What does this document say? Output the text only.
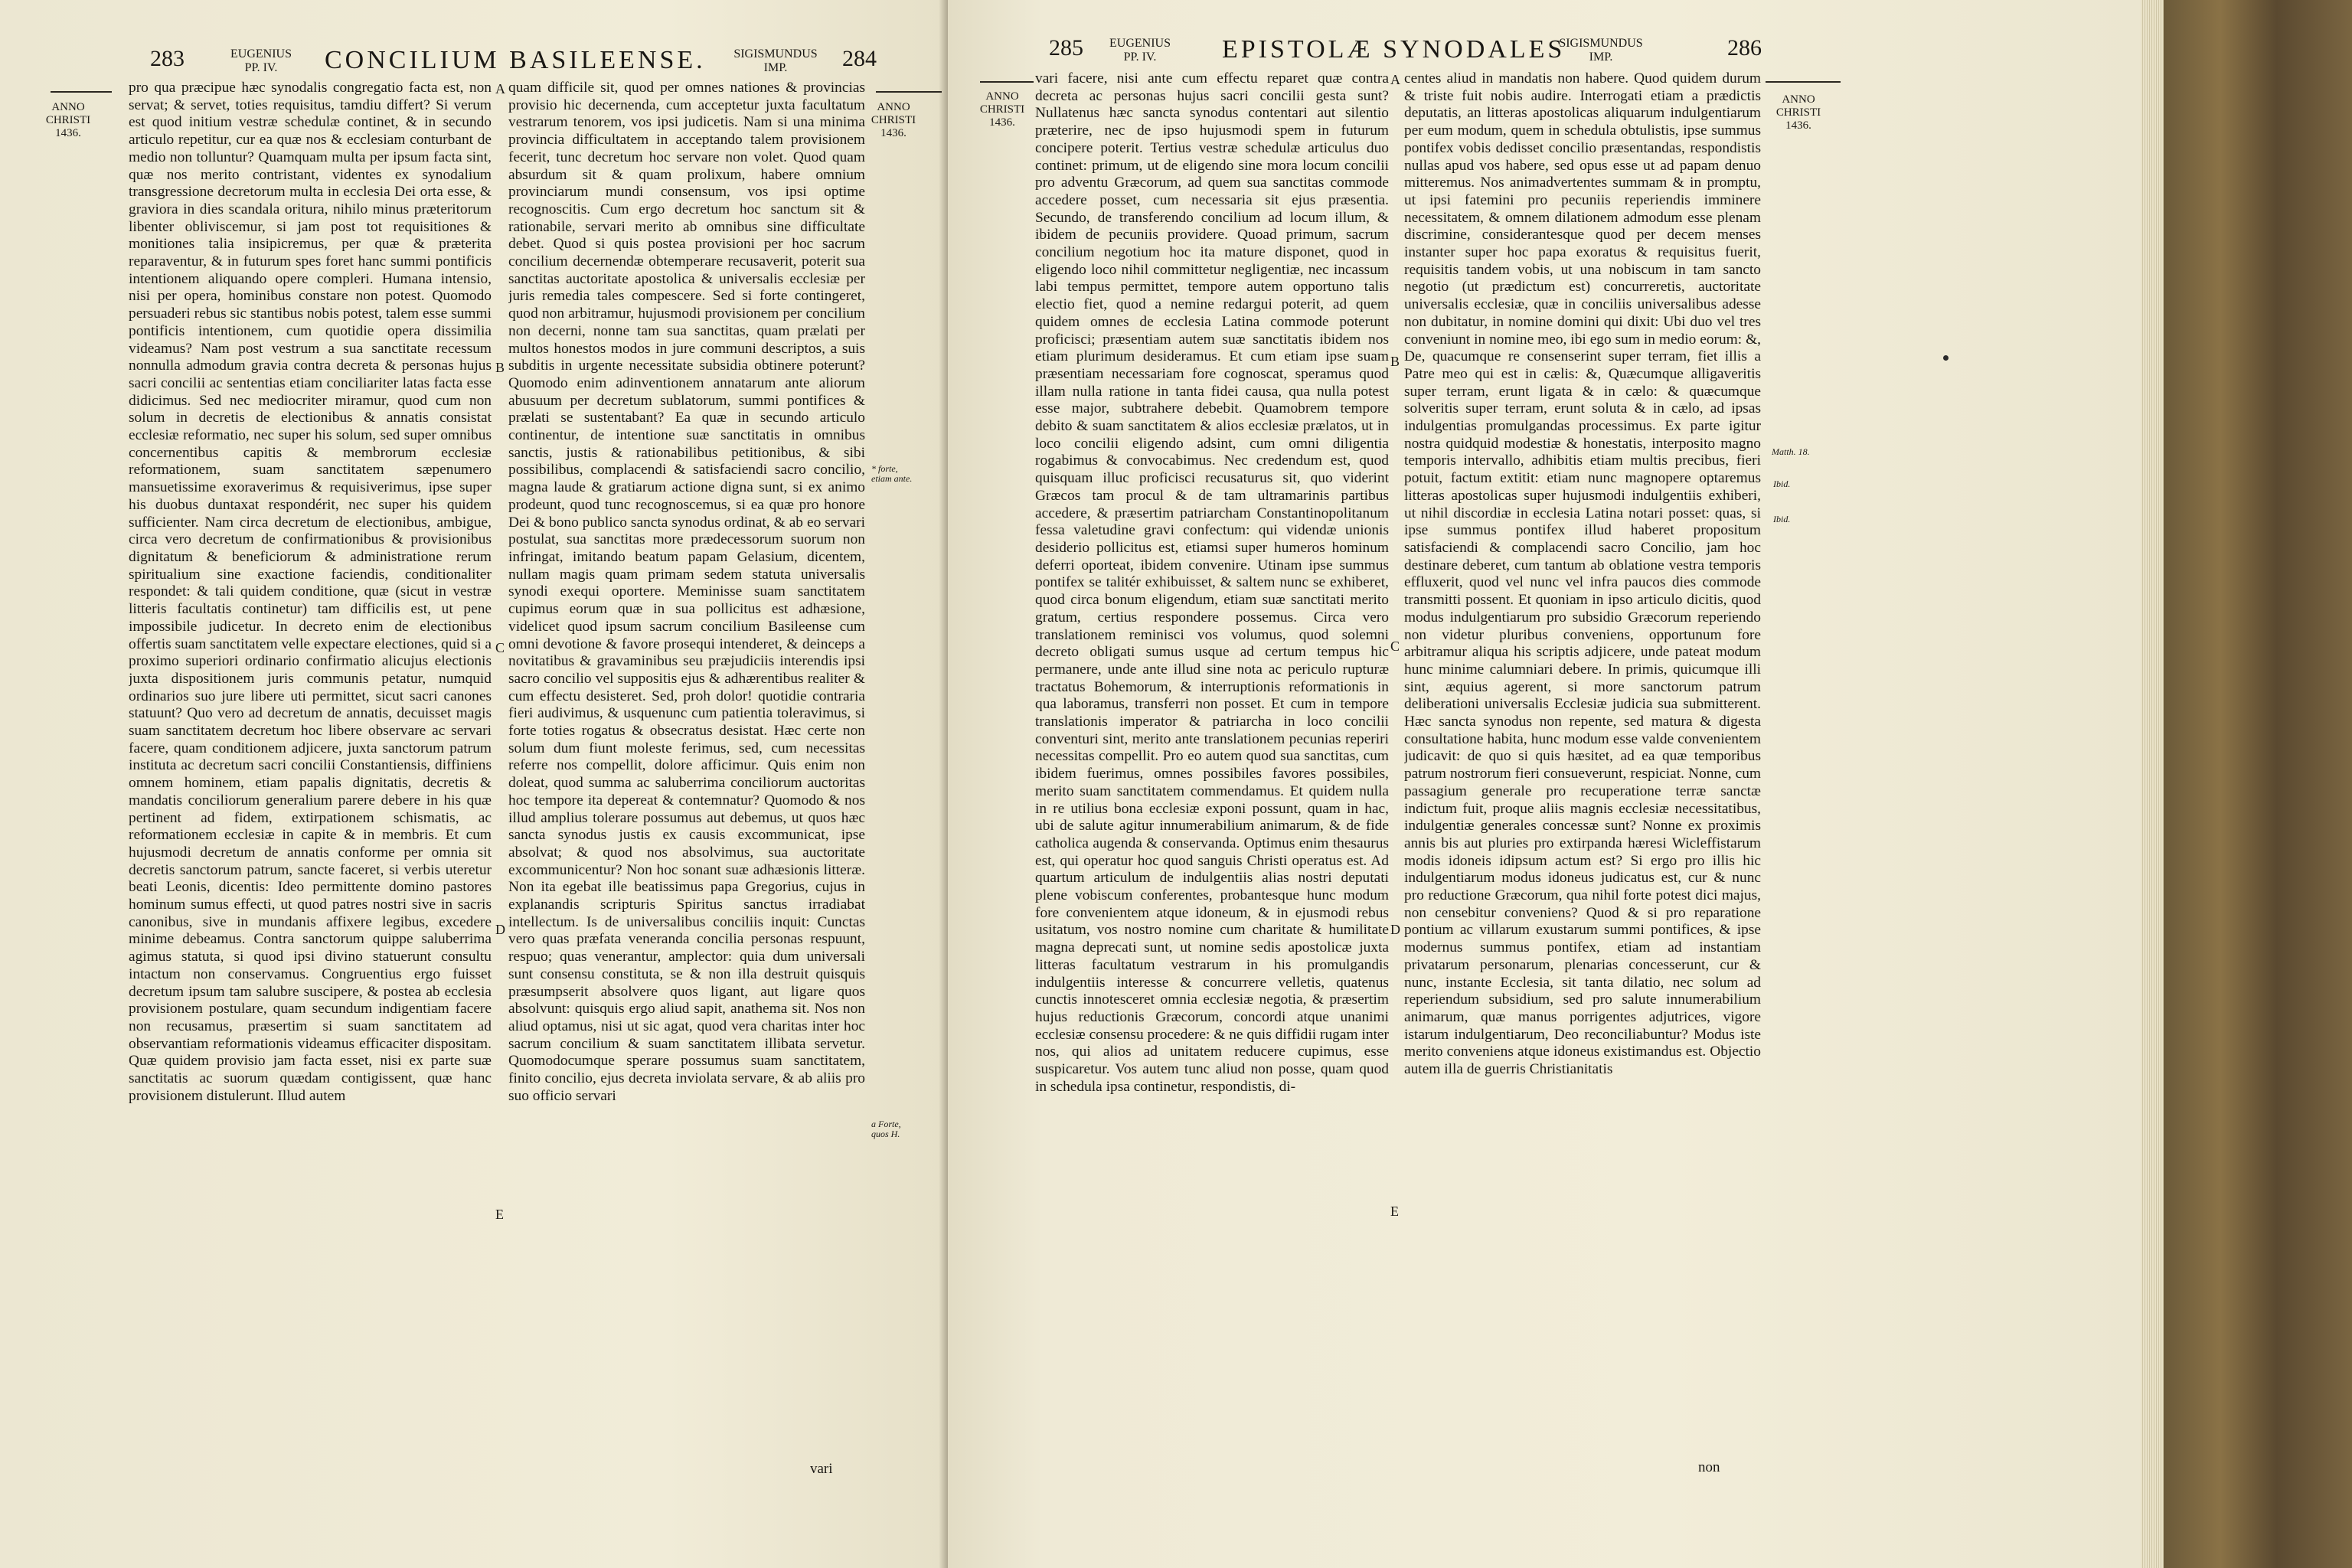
283	EUGENIUS
PP. IV.	CONCILIUM BASILEENSE.	SIGISMUNDUS
IMP.	284
ANNO
CHRISTI
1436.
ANNO
CHRISTI
1436.

pro qua præcipue hæc synodalis congregatio facta est, non servat; & servet, toties requisitus, tamdiu differt? Si verum est quod initium vestræ schedulæ continet, & in secundo articulo repetitur, cur ea quæ nos & ecclesiam conturbant de medio non tolluntur? Quamquam multa per ipsum facta sint, quæ nos merito contristant, videntes ex synodalium transgressione decretorum multa in ecclesia Dei orta esse, & graviora in dies scandala oritura, nihilo minus præteritorum libenter obliviscemur, si jam post tot requisitiones & monitiones talia insipicremus, per quæ & præterita reparaventur, & in futurum spes foret hanc summi pontificis intentionem aliquando opere compleri. Humana intensio, nisi per opera, hominibus constare non potest. Quomodo persuaderi rebus sic stantibus nobis potest, talem esse summi pontificis intentionem, cum quotidie opera dissimilia videamus? Nam post vestrum a sua sanctitate recessum nonnulla admodum gravia contra decreta & personas hujus sacri concilii ac sententias etiam conciliariter latas facta esse didicimus. Sed nec mediocriter miramur, quod cum non solum in decretis de electionibus & annatis consistat ecclesiæ reformatio, nec super his solum, sed super omnibus concernentibus capitis & membrorum ecclesiæ reformationem, suam sanctitatem sæpenumero mansuetissime exoraverimus & requisiverimus, ipse super his duobus duntaxat respondérit, nec super his quidem sufficienter. Nam circa decretum de electionibus, ambigue, circa vero decretum de confirmationibus & provisionibus dignitatum & beneficiorum & administratione rerum spiritualium sine exactione faciendis, conditionaliter respondet: & tali quidem conditione, quæ (sicut in vestræ litteris facultatis continetur) tam difficilis est, ut pene impossibile judicetur. In decreto enim de electionibus offertis suam sanctitatem velle expectare electiones, quid si a proximo superiori ordinario confirmatio alicujus electionis juxta dispositionem juris communis petatur, numquid ordinarios suo jure libere uti permittet, sicut sacri canones statuunt? Quo vero ad decretum de annatis, decuisset magis suam sanctitatem decretum hoc libere observare ac servari facere, quam conditionem adjicere, juxta sanctorum patrum instituta ac decretum sacri concilii Constantiensis, diffiniens omnem hominem, etiam papalis dignitatis, decretis & mandatis conciliorum generalium parere debere in his quæ pertinent ad fidem, extirpationem schismatis, ac reformationem ecclesiæ in capite & in membris. Et cum hujusmodi decretum de annatis conforme per omnia sit decretis sanctorum patrum, sancte faceret, si verbis uteretur beati Leonis, dicentis: Ideo permittente domino pastores hominum sumus effecti, ut quod patres nostri sive in sacris canonibus, sive in mundanis affixere legibus, excedere minime debeamus. Contra sanctorum quippe saluberrima agimus statuta, si quod ipsi divino statuerunt consultu intactum non conservamus. Congruentius ergo fuisset decretum ipsum tam salubre suscipere, & postea ab ecclesia provisionem postulare, quam secundum indigentiam facere non recusamus, præsertim si suam sanctitatem ad observantiam reformationis videamus efficaciter dispositam. Quæ quidem provisio jam facta esset, nisi ex parte suæ sanctitatis ac suorum quædam contigissent, quæ hanc provisionem distulerunt. Illud autem

A
B
C
D
E

quam difficile sit, quod per omnes nationes & provincias provisio hic decernenda, cum acceptetur juxta facultatum vestrarum tenorem, vos ipsi judicetis. Nam si una minima provincia difficultatem in acceptando talem provisionem fecerit, tunc decretum hoc servare non volet. Quod quam absurdum sit & quam prolixum, habere omnium provinciarum mundi consensum, vos ipsi optime recognoscitis. Cum ergo decretum hoc sanctum sit & rationabile, servari merito ab omnibus sine difficultate debet. Quod si quis postea provisioni per hoc sacrum concilium decernendæ obtemperare recusaverit, poterit sua sanctitas auctoritate apostolica & universalis ecclesiæ per juris remedia tales compescere. Sed si forte contingeret, quod non arbitramur, hujusmodi provisionem per concilium non decerni, nonne tam sua sanctitas, quam prælati per multos honestos modos in jure communi descriptos, a suis subditis in urgente necessitate subsidia obtinere poterunt? Quomodo enim adinventionem annatarum ante aliorum abusuum per decretum sublatorum, summi pontifices & prælati se sustentabant? Ea quæ in secundo articulo continentur, de intentione suæ sanctitatis in omnibus sanctis, justis & rationabilibus petitionibus, & sibi possibilibus, complacendi & satisfaciendi sacro concilio, magna laude & gratiarum actione digna sunt, si ex animo prodeunt, quod tunc recognoscemus, si ea quæ pro honore Dei & bono publico sancta synodus ordinat, & ab eo servari postulat, sua sanctitas more prædecessorum suorum non infringat, imitando beatum papam Gelasium, dicentem, nullam magis quam primam sedem statuta universalis synodi exequi oportere. Meminisse suam sanctitatem cupimus eorum quæ in sua pollicitus est adhæsione, videlicet quod ipsum sacrum concilium Basileense cum omni devotione & favore prosequi intenderet, & deinceps a novitatibus & gravaminibus seu præjudiciis interendis ipsi sacro concilio vel suppositis ejus & adhærentibus realiter & cum effectu desisteret. Sed, proh dolor! quotidie contraria fieri audivimus, & usquenunc cum patientia toleravimus, si forte toties rogatus & obsecratus desistat. Hæc certe non solum dum fiunt moleste ferimus, sed, cum necessitas referre nos compellit, dolore afficimur. Quis enim non doleat, quod summa ac saluberrima conciliorum auctoritas hoc tempore ita depereat & contemnatur? Quomodo & nos illud amplius tolerare possumus aut debemus, ut quos hæc sancta synodus justis ex causis excommunicat, ipse absolvat; & quod nos absolvimus, sua auctoritate excommunicentur? Non hoc sonant suæ adhæsionis litteræ. Non ita egebat ille beatissimus papa Gregorius, cujus in explanandis scripturis Spiritus sanctus irradiabat intellectum. Is de universalibus conciliis inquit: Cunctas vero quas præfata veneranda concilia personas respuunt, respuo; quas venerantur, amplector: quia dum universali sunt consensu constituta, se & non illa destruit quisquis præsumpserit absolvere quos ligant, aut ligare quos absolvunt: quisquis ergo aliud sapit, anathema sit. Nos non aliud optamus, nisi ut sic agat, quod vera charitas inter hoc sacrum concilium & suam sanctitatem illibata servetur. Quomodocumque sperare possumus suam sanctitatem, finito concilio, ejus decreta inviolata servare, & ab aliis pro suo officio servari

* forte, etiam ante.
a Forte, quos H.
vari
285	EUGENIUS
PP. IV.	EPISTOLÆ SYNODALES
SIGISMUNDUS
IMP.	286
ANNO
CHRISTI
1436.
ANNO
CHRISTI
1436.

vari facere, nisi ante cum effectu reparet quæ contra decreta ac personas hujus sacri concilii gesta sunt? Nullatenus hæc sancta synodus contentari aut silentio præterire, nec de ipso hujusmodi spem in futurum concipere poterit. Tertius vestræ schedulæ articulus duo continet: primum, ut de eligendo sine mora locum concilii pro adventu Græcorum, ad quem sua sanctitas commode accedere posset, cum necessaria sit ejus præsentia. Secundo, de transferendo concilium ad locum illum, & ibidem de pecuniis providere. Quoad primum, sacrum concilium negotium hoc ita mature disponet, quod in eligendo loco nihil committetur negligentiæ, nec incassum labi tempus permittet, tempore autem opportuno talis electio fiet, quod a nemine redargui poterit, ad quem quidem omnes de ecclesia Latina commode poterunt proficisci; præsentiam autem suæ sanctitatis ibidem nos etiam plurimum desideramus. Et cum etiam ipse suam præsentiam necessariam fore cognoscat, speramus quod illam nulla ratione in tanta fidei causa, qua nulla potest esse major, subtrahere debebit. Quamobrem tempore debito & suam sanctitatem & alios ecclesiæ prælatos, ut in loco concilii eligendo adsint, cum omni diligentia rogabimus & convocabimus. Nec credendum est, quod quisquam illuc proficisci recusaturus sit, quo viderint Græcos tam procul & de tam ultramarinis partibus accedere, & præsertim patriarcham Constantinopolitanum fessa valetudine gravi confectum: qui videndæ unionis desiderio pollicitus est, etiamsi super humeros hominum deferri oporteat, ibidem convenire. Utinam ipse summus pontifex se talitér exhibuisset, & saltem nunc se exhiberet, quod circa bonum eligendum, etiam suæ sanctitati merito gratum, certius respondere possemus. Circa vero translationem reminisci vos volumus, quod solemni decreto obligati sumus usque ad certum tempus hic permanere, unde ante illud sine nota ac periculo rupturæ tractatus Bohemorum, & interruptionis reformationis in qua laboramus, transferri non posset. Et cum in tempore translationis imperator & patriarcha in loco concilii conventuri sint, merito ante translationem pecunias reperiri necessitas compellit. Pro eo autem quod sua sanctitas, cum ibidem fuerimus, omnes possibiles favores possibiles, merito suam sanctitatem commendamus. Et quidem nulla in re utilius bona ecclesiæ exponi possunt, quam in hac, ubi de salute agitur innumerabilium animarum, & de fide catholica augenda & conservanda. Optimus enim thesaurus est, qui operatur hoc quod sanguis Christi operatus est. Ad quartum articulum de indulgentiis alias nostri deputati plene vobiscum conferentes, probantesque hunc modum fore convenientem atque idoneum, & in ejusmodi rebus usitatum, vos nostro nomine cum charitate & humilitate magna deprecati sunt, ut nomine sedis apostolicæ juxta litteras facultatum vestrarum in his promulgandis indulgentiis interesse & concurrere velletis, quatenus cunctis innotesceret omnia ecclesiæ negotia, & præsertim hujus reductionis Græcorum, concordi atque unanimi ecclesiæ consensu procedere: & ne quis diffidii rugam inter nos, qui alios ad unitatem reducere cupimus, esse suspicaretur. Vos autem tunc aliud non posse, quam quod in schedula ipsa continetur, respondistis, di-

A
B
C
D
E

centes aliud in mandatis non habere. Quod quidem durum & triste fuit nobis audire. Interrogati etiam a prædictis deputatis, an litteras apostolicas aliquarum indulgentiarum per eum modum, quem in schedula obtulistis, ipse summus pontifex vobis dedisset concilio præsentandas, respondistis nullas apud vos habere, sed opus esse ut ad papam denuo mitteremus. Nos animadvertentes summam & in promptu, ut ipsi fatemini pro pecuniis reperiendis imminere necessitatem, & omnem dilationem admodum esse plenam discrimine, considerantesque quod per decem menses instanter super hoc papa exoratus & requisitus fuerit, requisitis tandem vobis, ut una nobiscum in tam sancto negotio (ut prædictum est) concurreretis, auctoritate universalis ecclesiæ, quæ in conciliis universalibus adesse non dubitatur, in nomine domini qui dixit: Ubi duo vel tres conveniunt in nomine meo, ibi ego sum in medio eorum: &, De, quacumque re consenserint super terram, fiet illis a Patre meo qui est in cælis: &, Quæcumque alligaveritis super terram, erunt ligata & in cælo: & quæcumque solveritis super terram, erunt soluta & in cælo, ad ipsas indulgentias promulgandas processimus. Ex parte igitur nostra quidquid modestiæ & honestatis, interposito magno temporis intervallo, adhibitis etiam multis precibus, fieri potuit, factum extitit: etiam nunc magnopere optaremus litteras apostolicas super hujusmodi indulgentiis exhiberi, ut nihil discordiæ in ecclesia Latina notari posset: quas, si ipse summus pontifex illud haberet propositum satisfaciendi & complacendi sacro Concilio, jam hoc destinare deberet, cum tantum ab oblatione vestra temporis effluxerit, quod vel nunc vel infra paucos dies commode transmitti possent. Et quoniam in ipso articulo dicitis, quod modus indulgentiarum pro subsidio Græcorum reperiendo non videtur pluribus conveniens, opportunum fore arbitramur aliqua his scriptis adjicere, unde pateat modum hunc minime calumniari debere. In primis, quicumque illi sint, æquius agerent, si more sanctorum patrum deliberationi universalis Ecclesiæ judicia sua submitterent. Hæc sancta synodus non repente, sed matura & digesta consultatione habita, hunc modum esse valde convenientem judicavit: de quo si quis hæsitet, ad ea quæ temporibus patrum nostrorum fieri consueverunt, respiciat. Nonne, cum passagium generale pro recuperatione terræ sanctæ indictum fuit, proque aliis magnis ecclesiæ necessitatibus, indulgentiæ generales concessæ sunt? Nonne ex proximis annis bis aut pluries pro extirpanda hæresi Wicleffistarum modis idoneis idipsum actum est? Si ergo pro illis hic indulgentiarum modus idoneus judicatus est, cur & nunc pro reductione Græcorum, qua nihil forte potest dici majus, non censebitur conveniens? Quod & si pro reparatione pontium ac villarum exustarum summi pontifices, & ipse modernus summus pontifex, etiam ad instantiam privatarum personarum, plenarias concesserunt, cur & nunc, instante Ecclesia, sit tanta dilatio, nec solum ad reperiendum subsidium, sed pro salute innumerabilium animarum, quæ manus porrigentes adjutrices, vigore istarum indulgentiarum, Deo reconciliabuntur? Modus iste merito conveniens atque idoneus existimandus est. Objectio autem illa de guerris Christianitatis

Matth. 18.
Ibid.
Ibid.
non
